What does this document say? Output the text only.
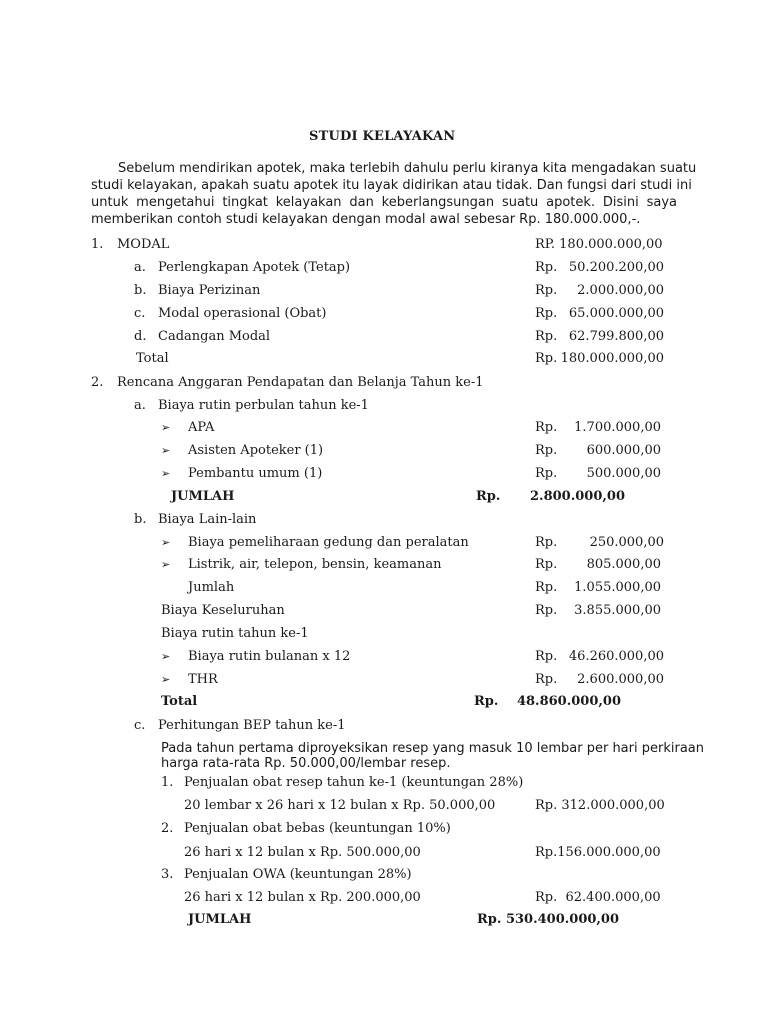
STUDI KELAYAKAN
Sebelum mendirikan apotek, maka terlebih dahulu perlu kiranya kita mengadakan suatu
studi kelayakan, apakah suatu apotek itu layak didirikan atau tidak. Dan fungsi dari studi ini
untuk mengetahui tingkat kelayakan dan keberlangsungan suatu apotek. Disini saya
memberikan contoh studi kelayakan dengan modal awal sebesar Rp. 180.000.000,-.
1. MODAL	RP. 180.000.000,00
a. Perlengkapan Apotek (Tetap)	Rp. 50.200.200,00
b. Biaya Perizinan	Rp. 2.000.000,00
c. Modal operasional (Obat)	Rp. 65.000.000,00
d. Cadangan Modal	Rp. 62.799.800,00
Total	Rp. 180.000.000,00
2. Rencana Anggaran Pendapatan dan Belanja Tahun ke-1
a. Biaya rutin perbulan tahun ke-1
➢ APA	Rp. 1.700.000,00
➢ Asisten Apoteker (1)	Rp. 600.000,00
➢ Pembantu umum (1)	Rp. 500.000,00
JUMLAH	Rp. 2.800.000,00
b. Biaya Lain-lain
➢ Biaya pemeliharaan gedung dan peralatan	Rp. 250.000,00
➢ Listrik, air, telepon, bensin, keamanan	Rp. 805.000,00
Jumlah	Rp. 1.055.000,00
Biaya Keseluruhan	Rp. 3.855.000,00
Biaya rutin tahun ke-1
➢ Biaya rutin bulanan x 12	Rp. 46.260.000,00
➢ THR	Rp. 2.600.000,00
Total	Rp. 48.860.000,00
c. Perhitungan BEP tahun ke-1
Pada tahun pertama diproyeksikan resep yang masuk 10 lembar per hari perkiraan
harga rata-rata Rp. 50.000,00/lembar resep.
1. Penjualan obat resep tahun ke-1 (keuntungan 28%)
20 lembar x 26 hari x 12 bulan x Rp. 50.000,00	Rp. 312.000.000,00
2. Penjualan obat bebas (keuntungan 10%)
26 hari x 12 bulan x Rp. 500.000,00	Rp.156.000.000,00
3. Penjualan OWA (keuntungan 28%)
26 hari x 12 bulan x Rp. 200.000,00	Rp.  62.400.000,00
JUMLAH	Rp. 530.400.000,00
